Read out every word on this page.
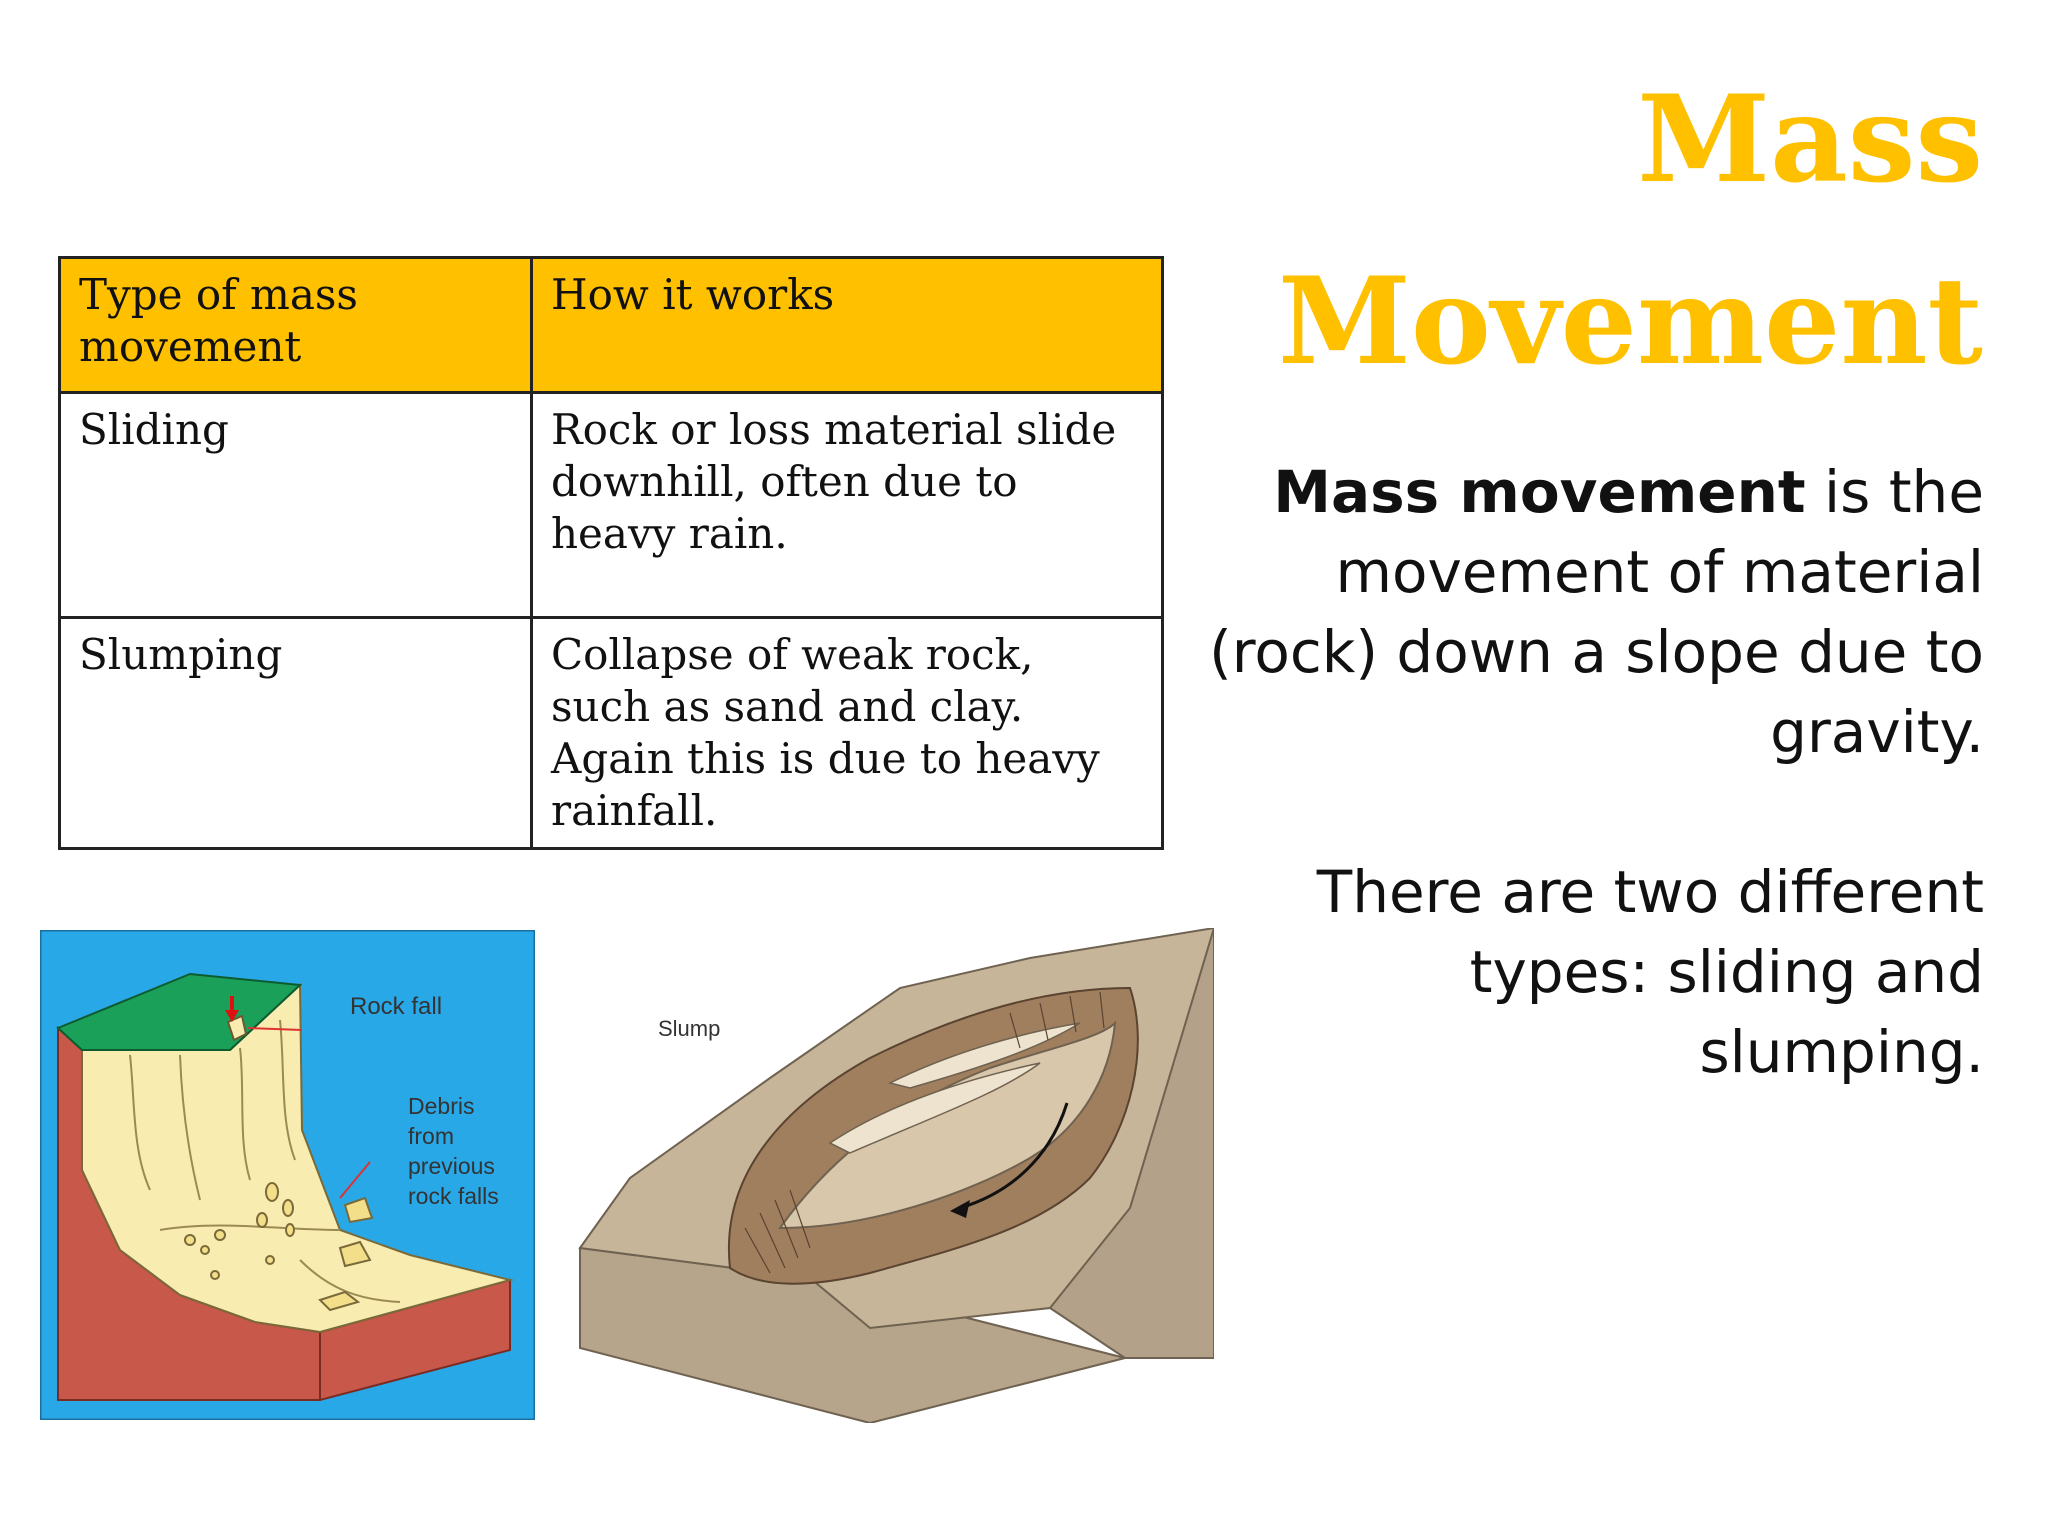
Mass
Movement

Mass movement is the movement of material (rock) down a slope due to gravity.

There are two different types: sliding and slumping.

Type of mass movement	How it works
Sliding	Rock or loss material slide downhill, often due to heavy rain.
Slumping	Collapse of weak rock, such as sand and clay. Again this is due to heavy rainfall.
Rock fall
Debris
from
previous
rock falls
Slump
